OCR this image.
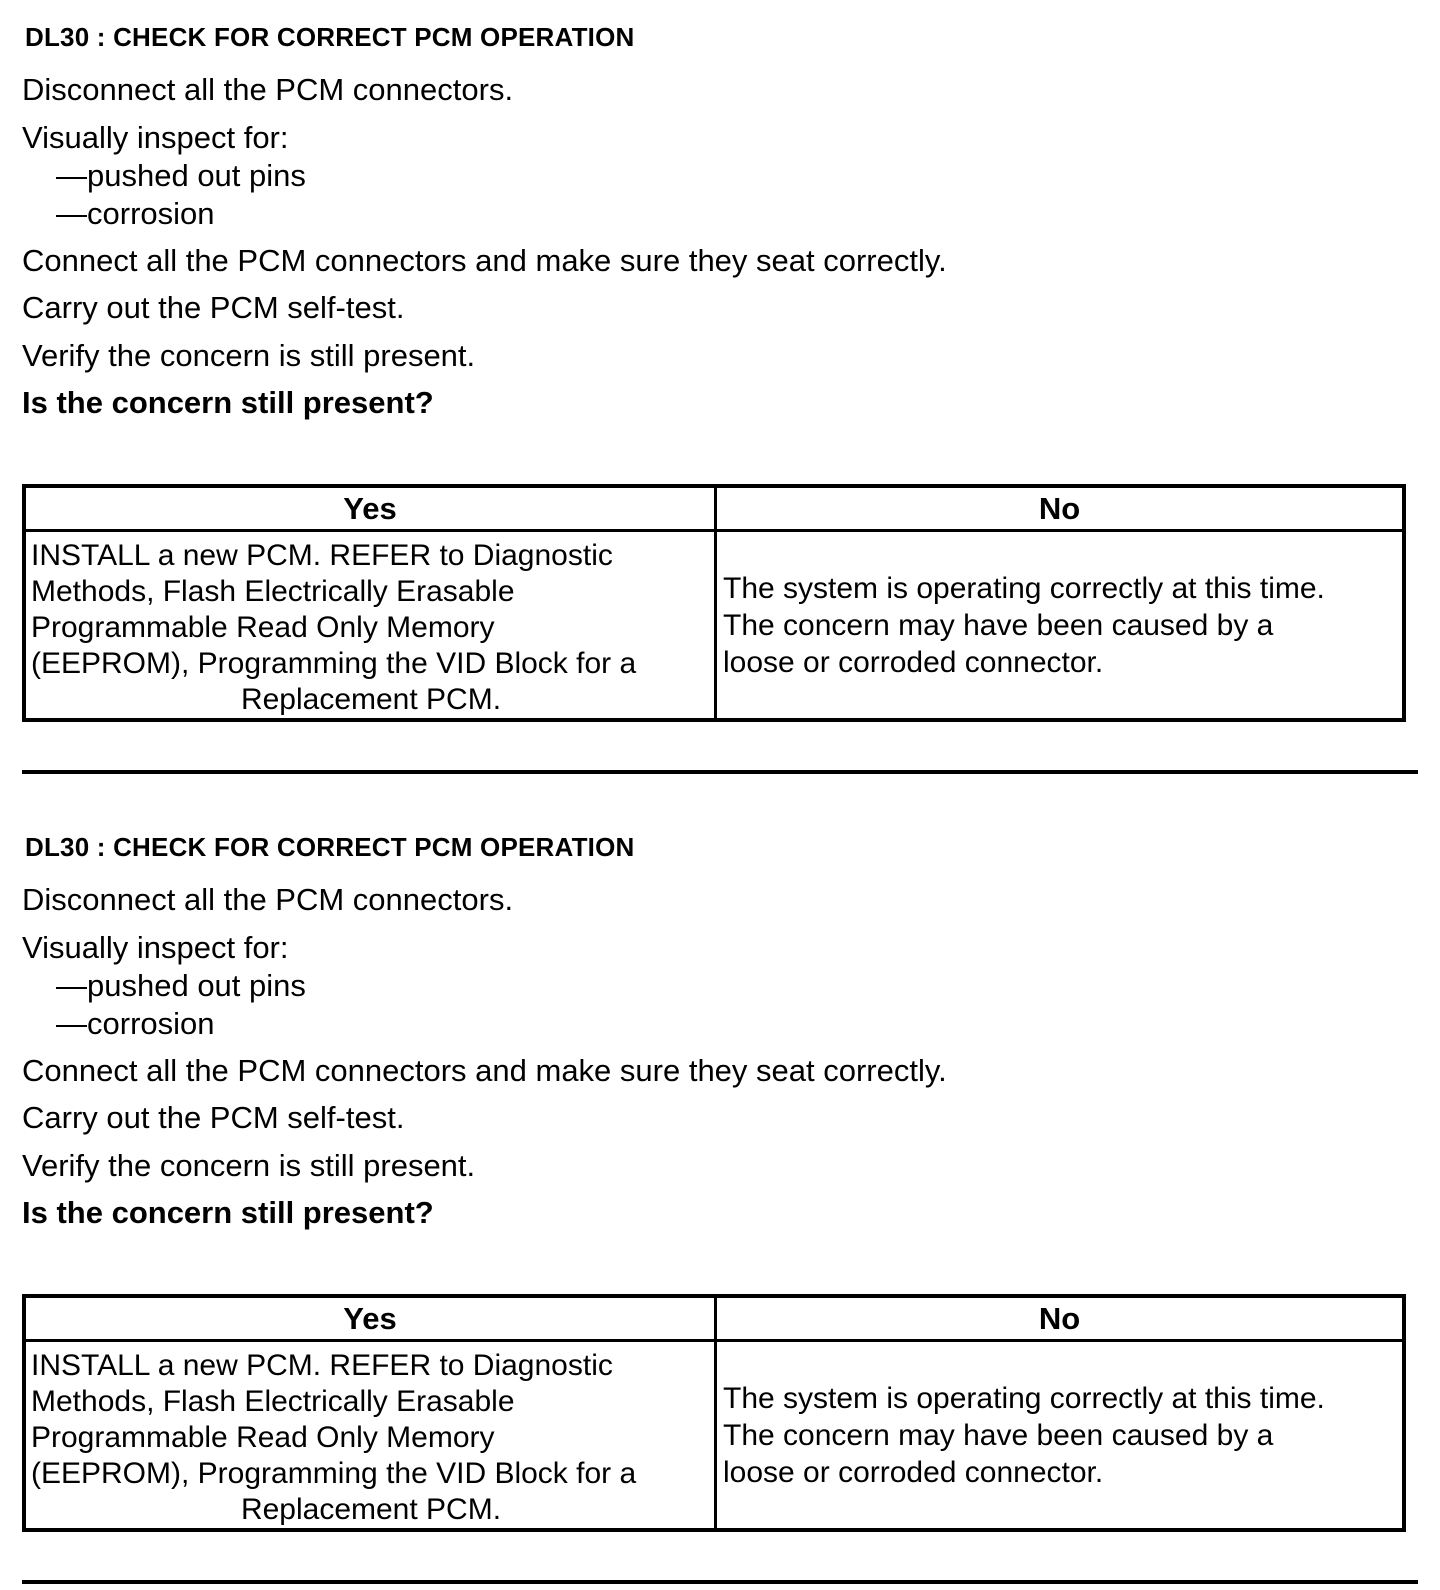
DL30 : CHECK FOR CORRECT PCM OPERATION

Disconnect all the PCM connectors.

Visually inspect for:

—pushed out pins

—corrosion

Connect all the PCM connectors and make sure they seat correctly.

Carry out the PCM self-test.

Verify the concern is still present.

Is the concern still present?

Yes	No
INSTALL a new PCM. REFER to Diagnostic
Methods, Flash Electrically Erasable
Programmable Read Only Memory
(EEPROM), Programming the VID Block for a
Replacement PCM.
The system is operating correctly at this time.
The concern may have been caused by a
loose or corroded connector.
DL30 : CHECK FOR CORRECT PCM OPERATION

Disconnect all the PCM connectors.

Visually inspect for:

—pushed out pins

—corrosion

Connect all the PCM connectors and make sure they seat correctly.

Carry out the PCM self-test.

Verify the concern is still present.

Is the concern still present?

Yes	No
INSTALL a new PCM. REFER to Diagnostic
Methods, Flash Electrically Erasable
Programmable Read Only Memory
(EEPROM), Programming the VID Block for a
Replacement PCM.
The system is operating correctly at this time.
The concern may have been caused by a
loose or corroded connector.
